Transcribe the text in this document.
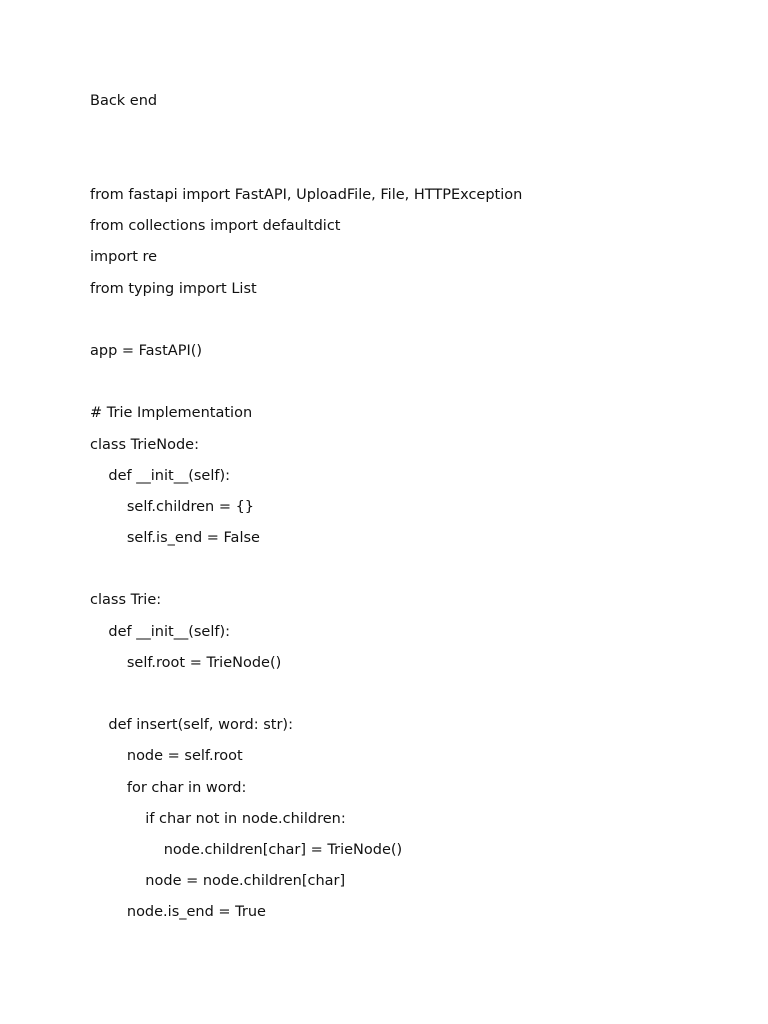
Back end
from fastapi import FastAPI, UploadFile, File, HTTPException
from collections import defaultdict
import re
from typing import List
app = FastAPI()
# Trie Implementation
class TrieNode:
def __init__(self):
self.children = {}
self.is_end = False
class Trie:
def __init__(self):
self.root = TrieNode()
def insert(self, word: str):
node = self.root
for char in word:
if char not in node.children:
node.children[char] = TrieNode()
node = node.children[char]
node.is_end = True
